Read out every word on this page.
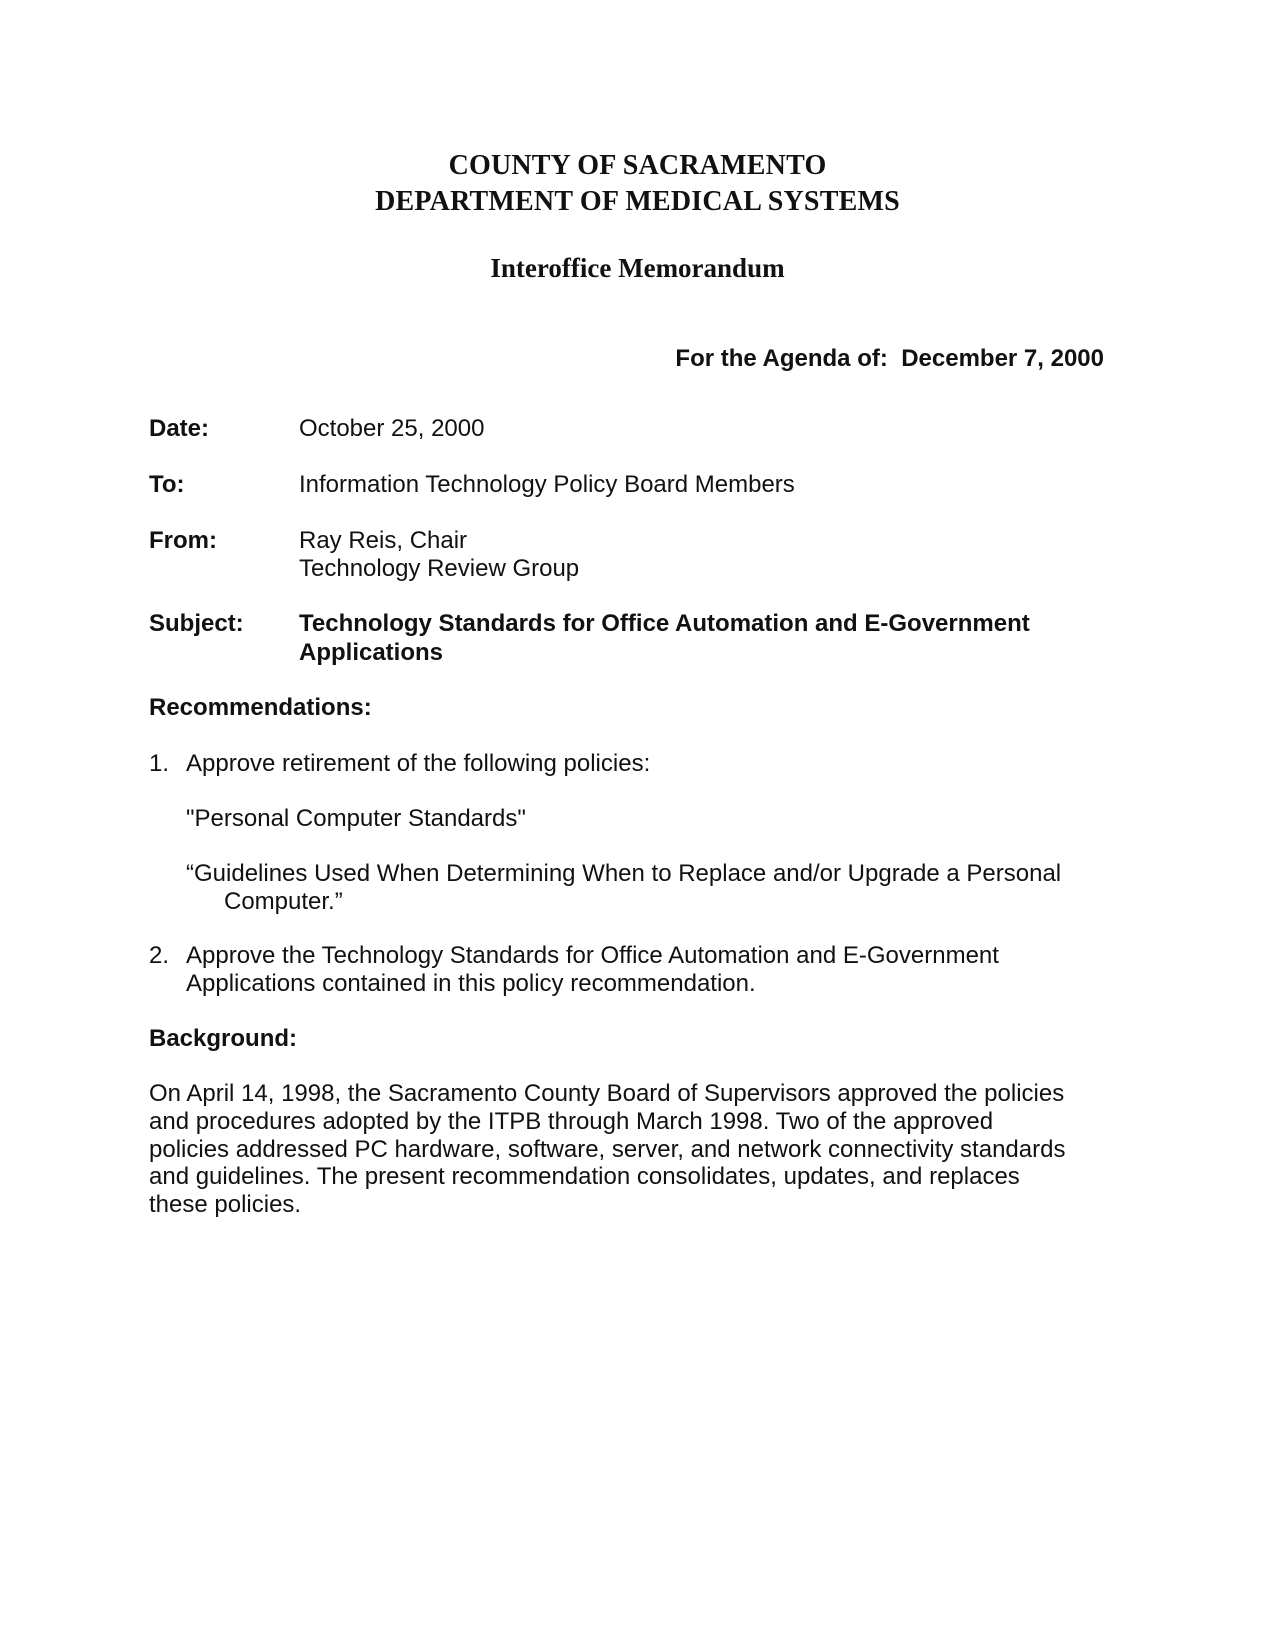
COUNTY OF SACRAMENTO
DEPARTMENT OF MEDICAL SYSTEMS
Interoffice Memorandum
For the Agenda of: December 7, 2000
Date:	October 25, 2000
To:	Information Technology Policy Board Members
From:	Ray Reis, Chair
Technology Review Group
Subject: Technology Standards for Office Automation and E-Government
Applications
Recommendations:
1. Approve retirement of the following policies:
"Personal Computer Standards"
“Guidelines Used When Determining When to Replace and/or Upgrade a Personal
Computer.”
2. Approve the Technology Standards for Office Automation and E-Government
Applications contained in this policy recommendation.
Background:
On April 14, 1998, the Sacramento County Board of Supervisors approved the policies
and procedures adopted by the ITPB through March 1998. Two of the approved
policies addressed PC hardware, software, server, and network connectivity standards
and guidelines. The present recommendation consolidates, updates, and replaces
these policies.
